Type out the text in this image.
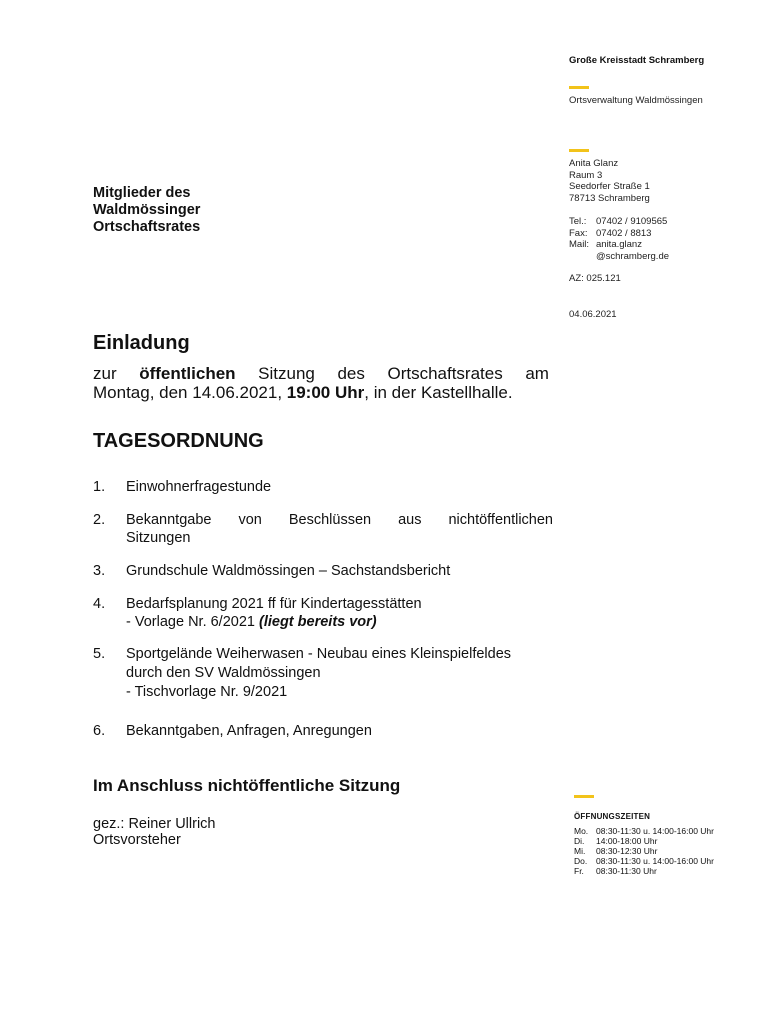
Große Kreisstadt Schramberg
Ortsverwaltung Waldmössingen
Anita Glanz
Raum 3
Seedorfer Straße 1
78713 Schramberg
Tel.:	07402 / 9109565
Fax: 07402 / 8813
Mail: anita.glanz
@schramberg.de
AZ: 025.121
04.06.2021
Mitglieder des
Waldmössinger
Ortschaftsrates
Einladung
zur öffentlichen Sitzung des Ortschaftsrates am
Montag, den 14.06.2021, 19:00 Uhr, in der Kastellhalle.
TAGESORDNUNG
1.	Einwohnerfragestunde
2.	Bekanntgabe von Beschlüssen aus nichtöffentlichen
Sitzungen
3.	Grundschule Waldmössingen – Sachstandsbericht
4.	Bedarfsplanung 2021 ff für Kindertagesstätten
- Vorlage Nr. 6/2021 (liegt bereits vor)
5.	Sportgelände Weiherwasen - Neubau eines Kleinspielfeldes
durch den SV Waldmössingen
- Tischvorlage Nr. 9/2021
6.	Bekanntgaben, Anfragen, Anregungen
Im Anschluss nichtöffentliche Sitzung
gez.: Reiner Ullrich
Ortsvorsteher
ÖFFNUNGSZEITEN
Mo. 08:30-11:30 u. 14:00-16:00 Uhr
Di.	14:00-18:00 Uhr
Mi.	08:30-12:30 Uhr
Do.	08:30-11:30 u. 14:00-16:00 Uhr
Fr.	08:30-11:30 Uhr
